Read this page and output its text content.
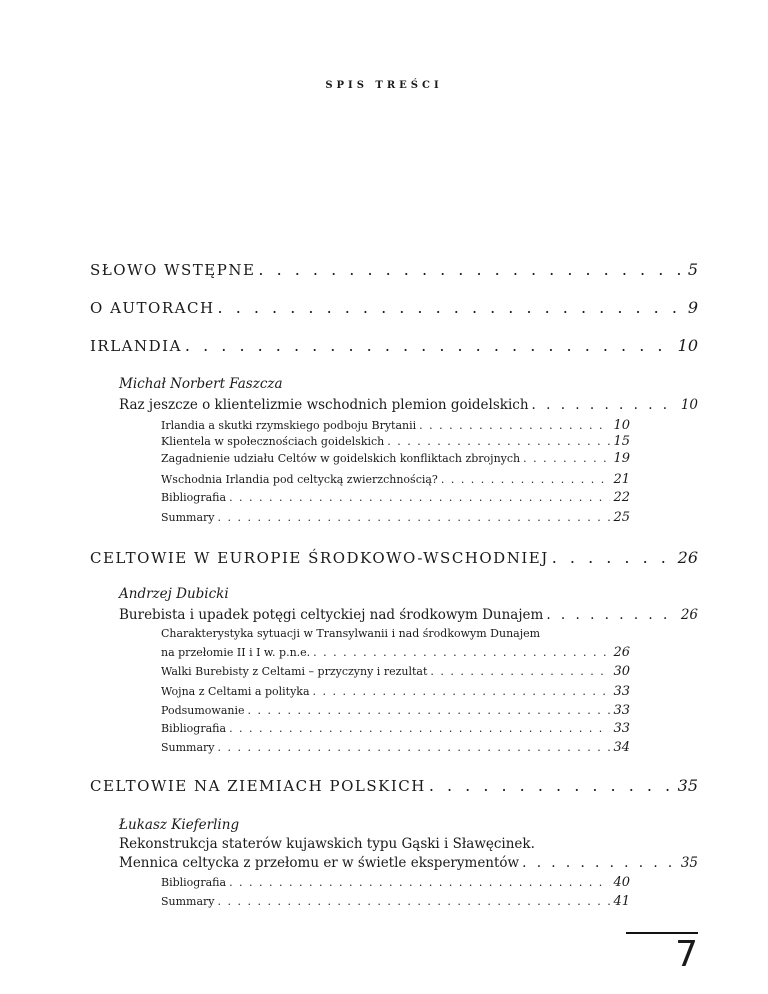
SPIS TREŚCI
SŁOWO WSTĘPNE . . .	5
O AUTORACH . . .	9
IRLANDIA . . .	10
Michał Norbert Faszcza
Raz jeszcze o klientelizmie wschodnich plemion goidelskich . . .	10
Irlandia a skutki rzymskiego podboju Brytanii . . .	10
Klientela w społecznościach goidelskich . . .	15
Zagadnienie udziału Celtów w goidelskich konfliktach zbrojnych . . .	19
Wschodnia Irlandia pod celtycką zwierzchnością? . . .	21
Bibliografia . . .	22
Summary . . .	25
CELTOWIE W EUROPIE ŚRODKOWO-WSCHODNIEJ . . .	26
Andrzej Dubicki
Burebista i upadek potęgi celtyckiej nad środkowym Dunajem . . .	26
Charakterystyka sytuacji w Transylwanii i nad środkowym Dunajem
na przełomie II i I w. p.n.e. . . .	26
Walki Burebisty z Celtami – przyczyny i rezultat . . .	30
Wojna z Celtami a polityka . . .	33
Podsumowanie . . .	33
Bibliografia . . .	33
Summary . . .	34
CELTOWIE NA ZIEMIACH POLSKICH . . .	35
Łukasz Kieferling
Rekonstrukcja staterów kujawskich typu Gąski i Sławęcinek.
Mennica celtycka z przełomu er w świetle eksperymentów . . .	35
Bibliografia . . .	40
Summary . . .	41
7
